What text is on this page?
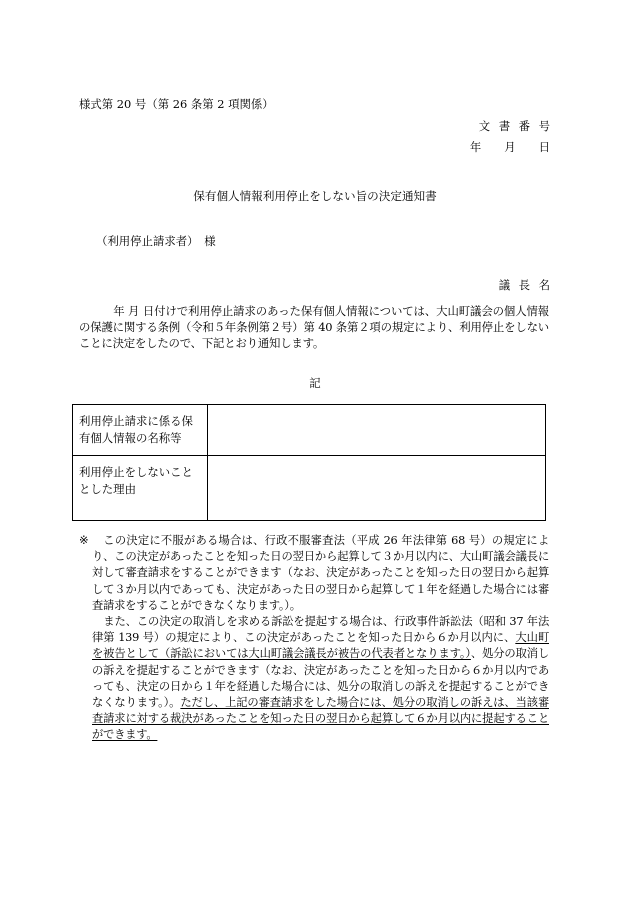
様式第 20 号（第 26 条第 2 項関係）
文書番号
年 月 日
保有個人情報利用停止をしない旨の決定通知書
（利用停止請求者）　様
議長名
年 月 日付けで利用停止請求のあった保有個人情報については、大山町議会の個人情報の保護に関する条例（令和５年条例第２号）第 40 条第２項の規定により、利用停止をしないことに決定をしたので、下記とおり通知します。
記
利用停止請求に係る保有個人情報の名称等	
利用停止をしないこととした理由	
※	この決定に不服がある場合は、行政不服審査法（平成 26 年法律第 68 号）の規定により、この決定があったことを知った日の翌日から起算して３か月以内に、大山町議会議長に対して審査請求をすることができます（なお、決定があったことを知った日の翌日から起算して３か月以内であっても、決定があった日の翌日から起算して１年を経過した場合には審査請求をすることができなくなります。）。
また、この決定の取消しを求める訴訟を提起する場合は、行政事件訴訟法（昭和 37 年法律第 139 号）の規定により、この決定があったことを知った日から６か月以内に、大山町を被告として（訴訟においては大山町議会議長が被告の代表者となります。）、処分の取消しの訴えを提起することができます（なお、決定があったことを知った日から６か月以内であっても、決定の日から１年を経過した場合には、処分の取消しの訴えを提起することができなくなります。）。ただし、上記の審査請求をした場合には、処分の取消しの訴えは、当該審査請求に対する裁決があったことを知った日の翌日から起算して６か月以内に提起することができます。
